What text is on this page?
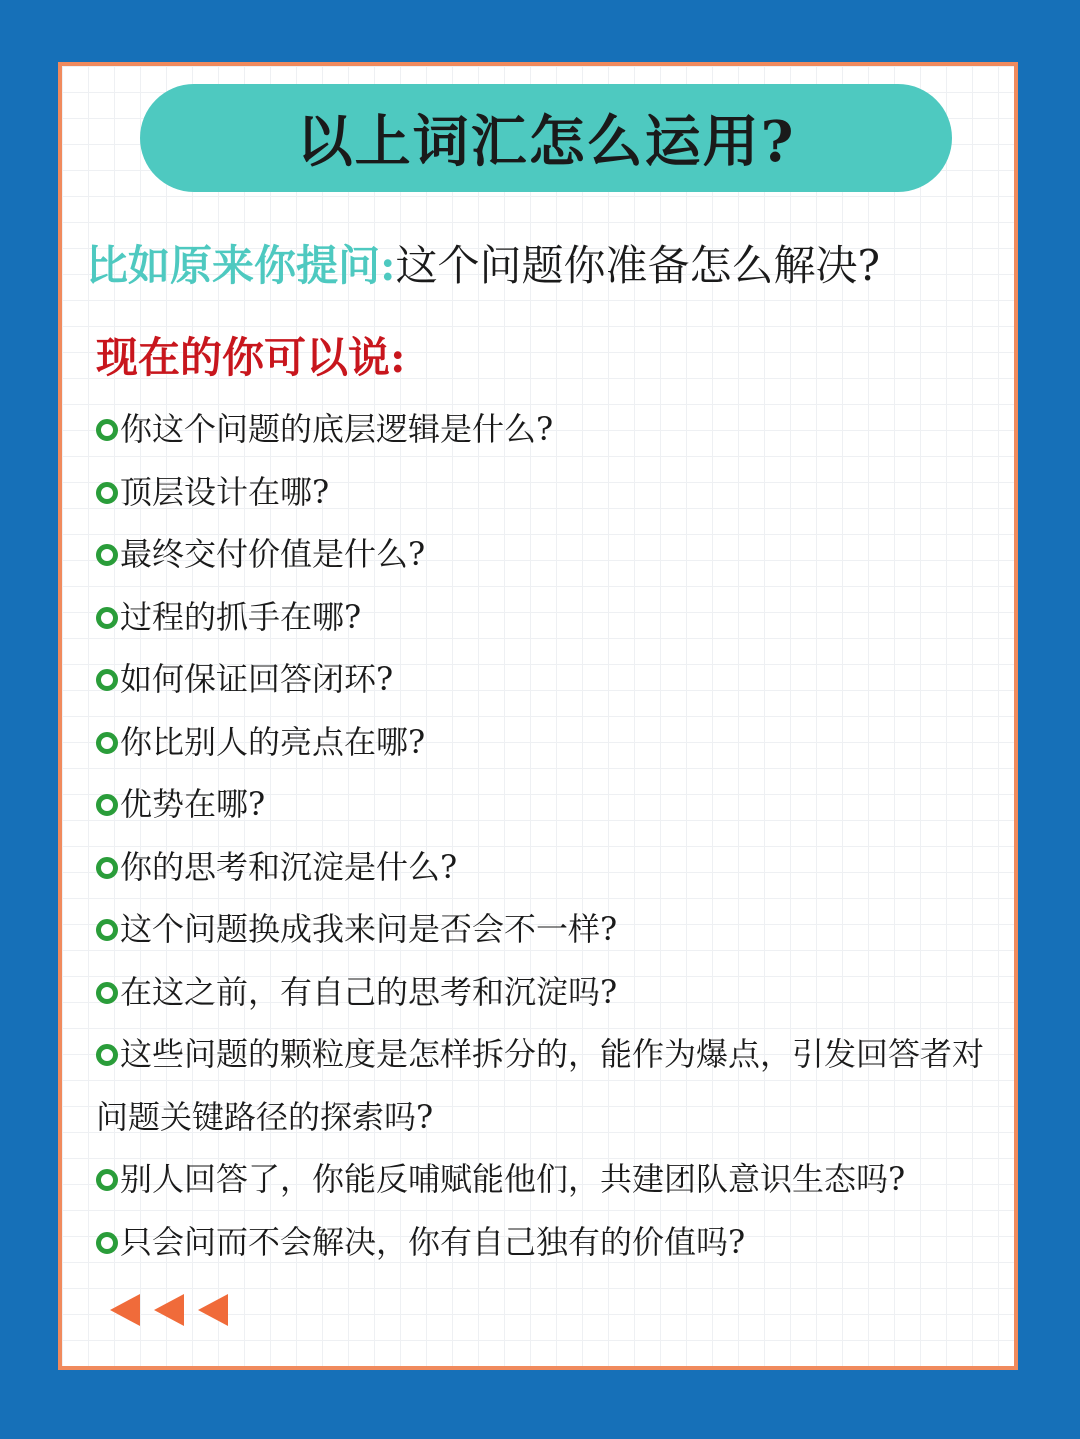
以上词汇怎么运用?
比如原来你提问:这个问题你准备怎么解决?
现在的你可以说:
你这个问题的底层逻辑是什么?
顶层设计在哪?
最终交付价值是什么?
过程的抓手在哪?
如何保证回答闭环?
你比别人的亮点在哪?
优势在哪?
你的思考和沉淀是什么?
这个问题换成我来问是否会不一样?
在这之前，有自己的思考和沉淀吗?
这些问题的颗粒度是怎样拆分的，能作为爆点，引发回答者对问题关键路径的探索吗?
别人回答了，你能反哺赋能他们，共建团队意识生态吗?
只会问而不会解决，你有自己独有的价值吗?
